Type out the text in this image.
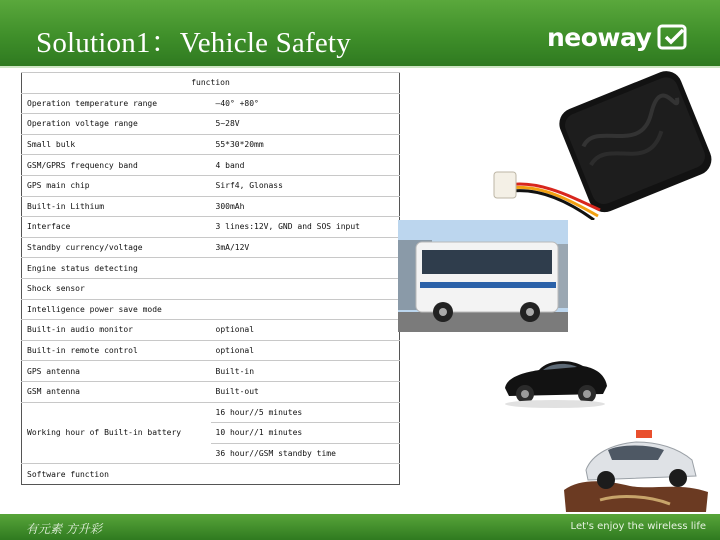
Solution1：Vehicle Safety	neoway
function	
Operation temperature range	—40° +80°
Operation voltage range	5~28V
Small bulk	55*30*20mm
GSM/GPRS frequency band	4 band
GPS main chip	Sirf4, Glonass
Built-in Lithium	300mAh
Interface	3 lines:12V, GND and SOS input
Standby currency/voltage	3mA/12V
Engine status detecting	
Shock sensor	
Intelligence power save mode	
Built-in audio monitor	optional
Built-in remote control	optional
GPS antenna	Built-in
GSM antenna	Built-out
Working hour of Built-in battery	16 hour//5 minutes
	10 hour//1 minutes
	36 hour//GSM standby time
Software function	
有元素 方升彩	Let's enjoy the wireless life
